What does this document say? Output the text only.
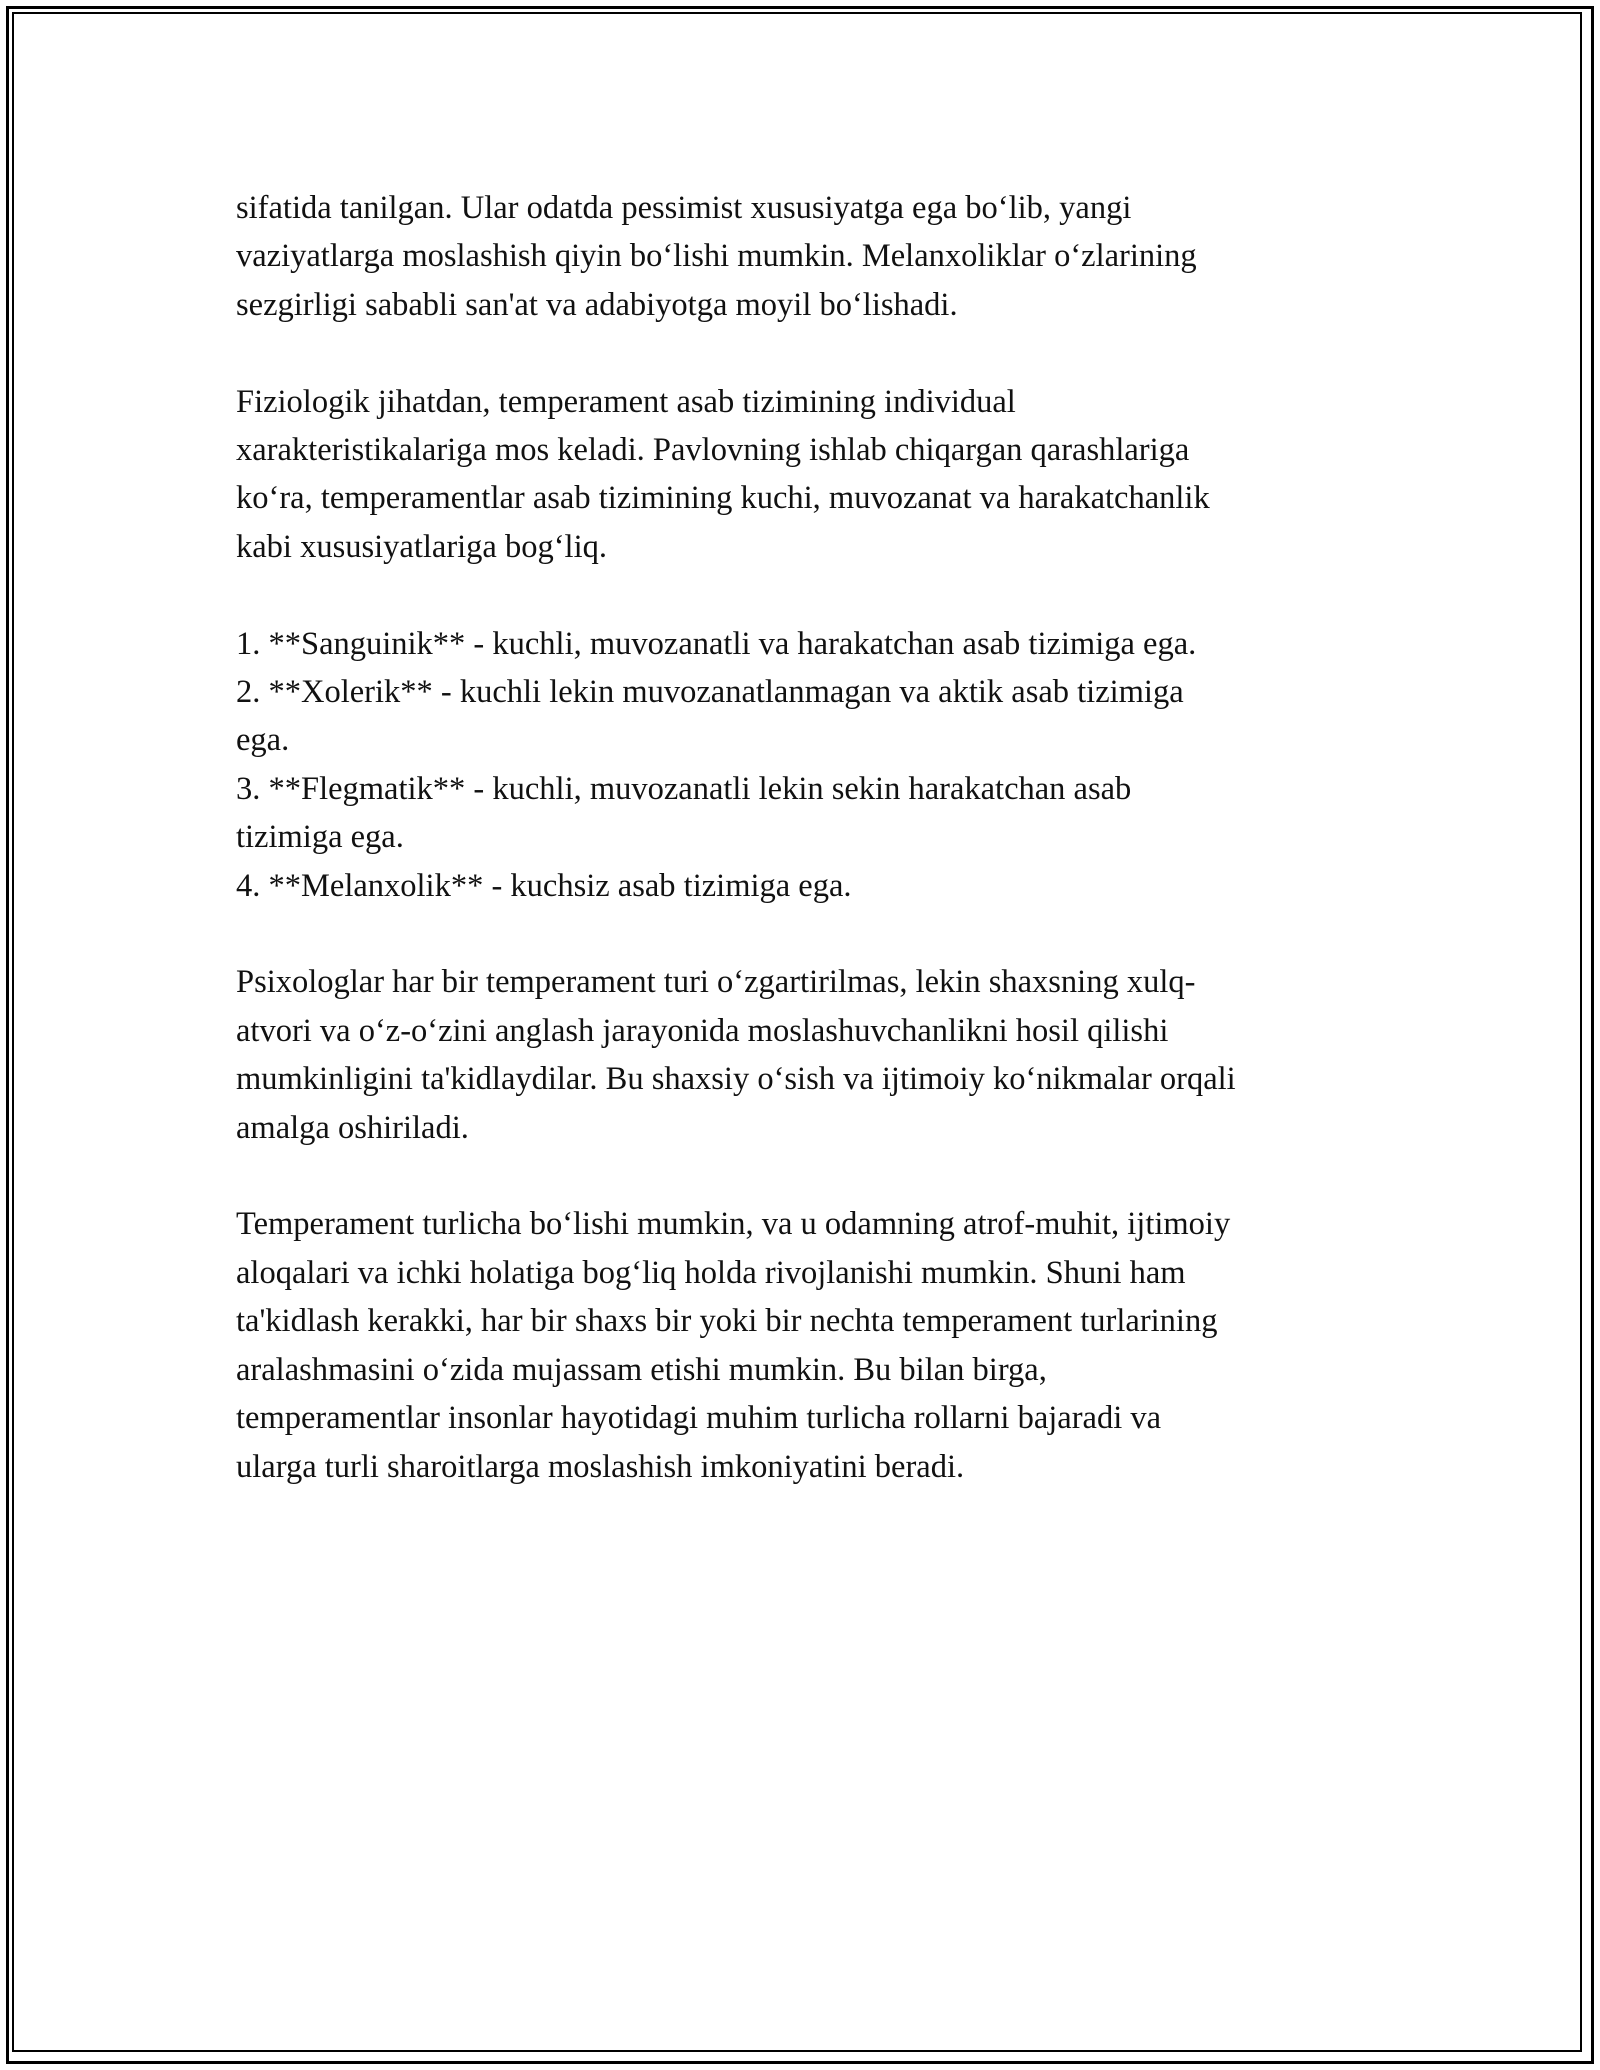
sifatida tanilgan. Ular odatda pessimist xususiyatga ega bo‘lib, yangi

vaziyatlarga moslashish qiyin bo‘lishi mumkin. Melanxoliklar o‘zlarining

sezgirligi sababli san'at va adabiyotga moyil bo‘lishadi.

Fiziologik jihatdan, temperament asab tizimining individual

xarakteristikalariga mos keladi. Pavlovning ishlab chiqargan qarashlariga

ko‘ra, temperamentlar asab tizimining kuchi, muvozanat va harakatchanlik

kabi xususiyatlariga bog‘liq.

1. **Sanguinik** - kuchli, muvozanatli va harakatchan asab tizimiga ega.

2. **Xolerik** - kuchli lekin muvozanatlanmagan va aktik asab tizimiga

ega.

3. **Flegmatik** - kuchli, muvozanatli lekin sekin harakatchan asab

tizimiga ega.

4. **Melanxolik** - kuchsiz asab tizimiga ega.

Psixologlar har bir temperament turi o‘zgartirilmas, lekin shaxsning xulq-

atvori va o‘z-o‘zini anglash jarayonida moslashuvchanlikni hosil qilishi

mumkinligini ta'kidlaydilar. Bu shaxsiy o‘sish va ijtimoiy ko‘nikmalar orqali

amalga oshiriladi.

Temperament turlicha bo‘lishi mumkin, va u odamning atrof-muhit, ijtimoiy

aloqalari va ichki holatiga bog‘liq holda rivojlanishi mumkin. Shuni ham

ta'kidlash kerakki, har bir shaxs bir yoki bir nechta temperament turlarining

aralashmasini o‘zida mujassam etishi mumkin. Bu bilan birga,

temperamentlar insonlar hayotidagi muhim turlicha rollarni bajaradi va

ularga turli sharoitlarga moslashish imkoniyatini beradi.
